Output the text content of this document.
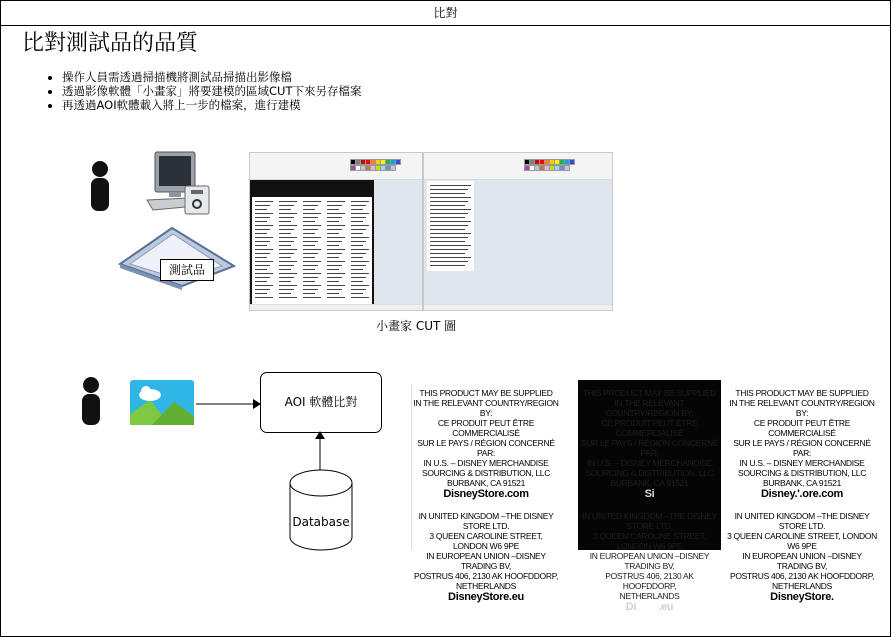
比對
比對測試品的品質
• 操作人員需透過掃描機將測試品掃描出影像檔
• 透過影像軟體「小畫家」將要建模的區域CUT下來另存檔案
• 再透過AOI軟體載入將上一步的檔案，進行建模
測試品
小畫家 CUT 圖
AOI 軟體比對
Database

THIS PRODUCT MAY BE SUPPLIED

IN THE RELEVANT COUNTRY/REGION BY:

CE PRODUIT PEUT ÊTRE COMMERCIALISÉ

SUR LE PAYS / RÉGION CONCERNÉ PAR:

IN U.S. – DISNEY MERCHANDISE

SOURCING & DISTRIBUTION, LLC

BURBANK, CA 91521

DisneyStore.com

IN UNITED KINGDOM –THE DISNEY STORE LTD.

3 QUEEN CAROLINE STREET, LONDON W6 9PE

IN EUROPEAN UNION –DISNEY TRADING BV,

POSTRUS 406, 2130 AK HOOFDDORP,

NETHERLANDS

DisneyStore.eu

THIS PRODUCT MAY BE SUPPLIED

IN THE RELEVANT COUNTRY/REGION BY:

CE PRODUIT PEUT ÊTRE COMMERCIALISÉ

SUR LE PAYS / RÉGION CONCERNÉ PAR:

IN U.S. – DISNEY MERCHANDISE

SOURCING & DISTRIBUTION, LLC

BURBANK, CA 91521

Si

IN UNITED KINGDOM –THE DISNEY STORE LTD.

3 QUEEN CAROLINE STREET, LONDON W6 9PE

IN EUROPEAN UNION –DISNEY TRADING BV,

POSTRUS 406, 2130 AK HOOFDDORP,

NETHERLANDS

Di        .eu

THIS PRODUCT MAY BE SUPPLIED

IN THE RELEVANT COUNTRY/REGION BY:

CE PRODUIT PEUT ÊTRE COMMERCIALISÉ

SUR LE PAYS / RÉGION CONCERNÉ PAR:

IN U.S. – DISNEY MERCHANDISE

SOURCING & DISTRIBUTION, LLC

BURBANK, CA 91521

Disney.'.ore.com

IN UNITED KINGDOM –THE DISNEY STORE LTD.

3 QUEEN CAROLINE STREET, LONDON W6 9PE

IN EUROPEAN UNION –DISNEY TRADING BV,

POSTRUS 406, 2130 AK HOOFDDORP,

NETHERLANDS

DisneyStore.
